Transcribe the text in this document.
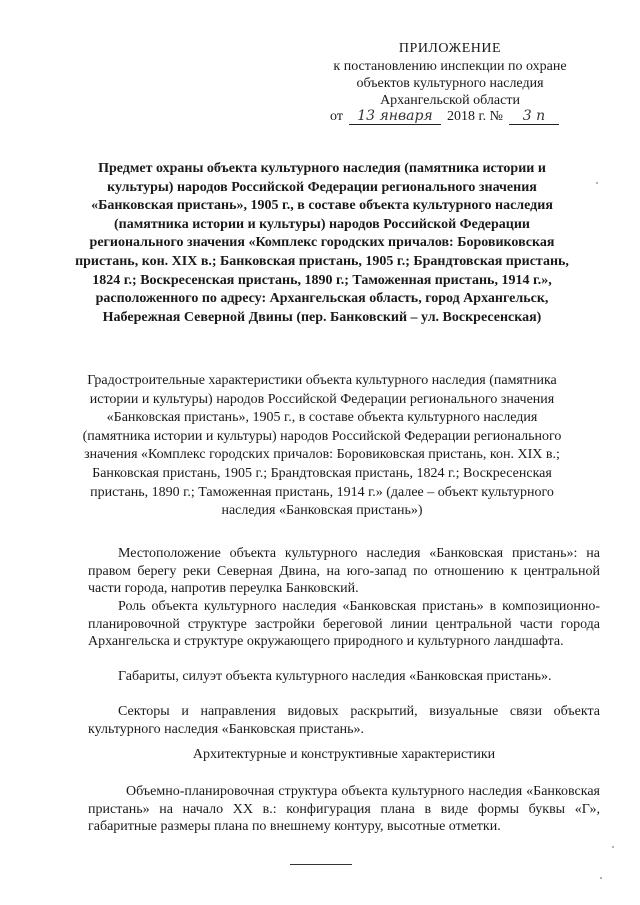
ПРИЛОЖЕНИЕ
к постановлению инспекции по охране
объектов культурного наследия
Архангельской области
от	13 января	2018 г. №	3 п
Предмет охраны объекта культурного наследия (памятника истории и культуры) народов Российской Федерации регионального значения «Банковская пристань», 1905 г., в составе объекта культурного наследия (памятника истории и культуры) народов Российской Федерации регионального значения «Комплекс городских причалов: Боровиковская пристань, кон. XIX в.; Банковская пристань, 1905 г.; Брандтовская пристань, 1824 г.; Воскресенская пристань, 1890 г.; Таможенная пристань, 1914 г.», расположенного по адресу: Архангельская область, город Архангельск, Набережная Северной Двины (пер. Банковский – ул. Воскресенская)
Градостроительные характеристики объекта культурного наследия (памятника истории и культуры) народов Российской Федерации регионального значения «Банковская пристань», 1905 г., в составе объекта культурного наследия (памятника истории и культуры) народов Российской Федерации регионального значения «Комплекс городских причалов: Боровиковская пристань, кон. XIX в.; Банковская пристань, 1905 г.; Брандтовская пристань, 1824 г.; Воскресенская пристань, 1890 г.; Таможенная пристань, 1914 г.» (далее – объект культурного наследия «Банковская пристань»)
Местоположение объекта культурного наследия «Банковская пристань»: на правом берегу реки Северная Двина, на юго-запад по отношению к центральной части города, напротив переулка Банковский.
Роль объекта культурного наследия «Банковская пристань» в композиционно-планировочной структуре застройки береговой линии центральной части города Архангельска и структуре окружающего природного и культурного ландшафта.
Габариты, силуэт объекта культурного наследия «Банковская пристань».
Секторы и направления видовых раскрытий, визуальные связи объекта культурного наследия «Банковская пристань».
Архитектурные и конструктивные характеристики
Объемно-планировочная структура объекта культурного наследия «Банковская пристань» на начало XX в.: конфигурация плана в виде формы буквы «Г», габаритные размеры плана по внешнему контуру, высотные отметки.
